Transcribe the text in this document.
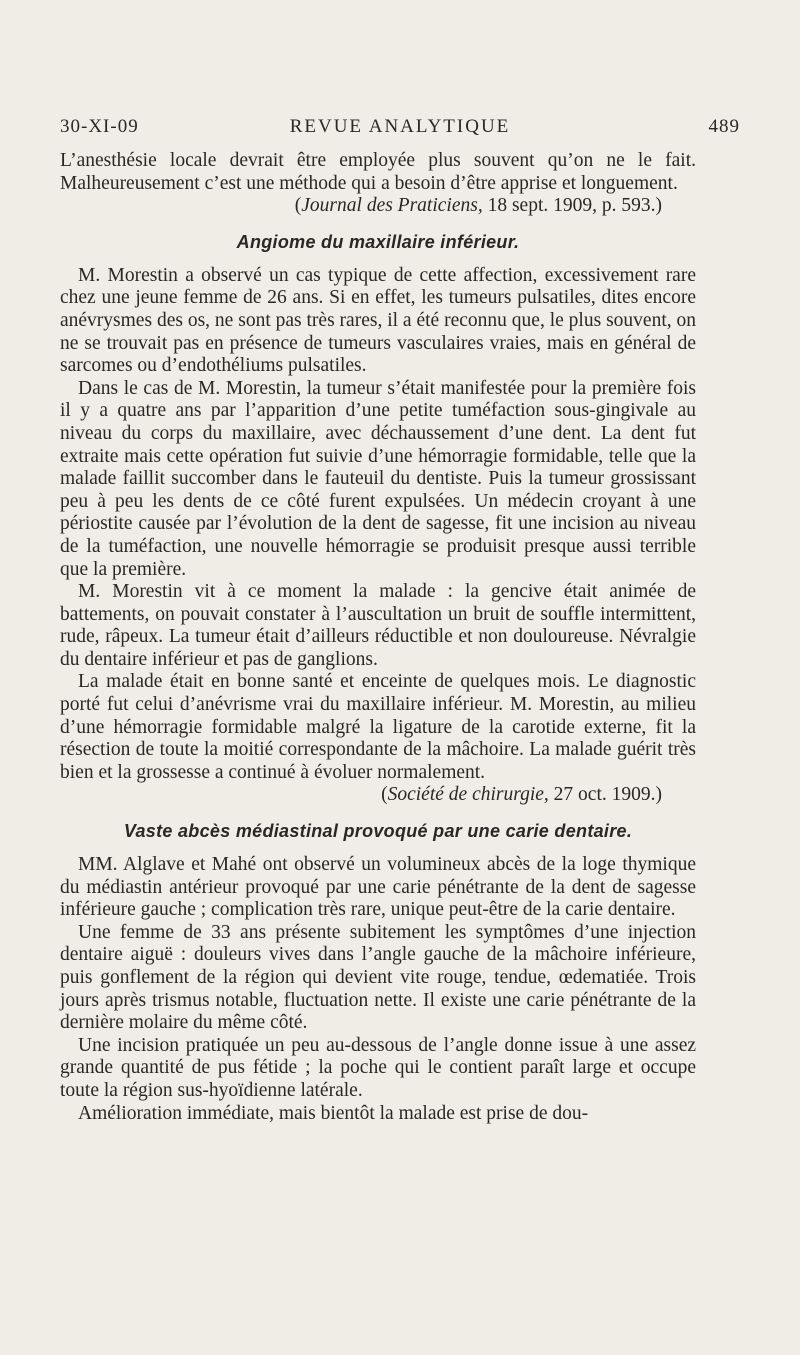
30-XI-09	REVUE ANALYTIQUE	489

L’anesthésie locale devrait être employée plus souvent qu’on ne le fait. Malheureusement c’est une méthode qui a besoin d’être apprise et longuement.

(Journal des Praticiens, 18 sept. 1909, p. 593.)

Angiome du maxillaire inférieur.

M. Morestin a observé un cas typique de cette affection, excessivement rare chez une jeune femme de 26 ans. Si en effet, les tumeurs pulsatiles, dites encore anévrysmes des os, ne sont pas très rares, il a été reconnu que, le plus souvent, on ne se trouvait pas en présence de tumeurs vasculaires vraies, mais en général de sarcomes ou d’endothéliums pulsatiles.

Dans le cas de M. Morestin, la tumeur s’était manifestée pour la première fois il y a quatre ans par l’apparition d’une petite tuméfaction sous-gingivale au niveau du corps du maxillaire, avec déchaussement d’une dent. La dent fut extraite mais cette opération fut suivie d’une hémorragie formidable, telle que la malade faillit succomber dans le fauteuil du dentiste. Puis la tumeur grossissant peu à peu les dents de ce côté furent expulsées. Un médecin croyant à une périostite causée par l’évolution de la dent de sagesse, fit une incision au niveau de la tuméfaction, une nouvelle hémorragie se produisit presque aussi terrible que la première.

M. Morestin vit à ce moment la malade : la gencive était animée de battements, on pouvait constater à l’auscultation un bruit de souffle intermittent, rude, râpeux. La tumeur était d’ailleurs réductible et non douloureuse. Névralgie du dentaire inférieur et pas de ganglions.

La malade était en bonne santé et enceinte de quelques mois. Le diagnostic porté fut celui d’anévrisme vrai du maxillaire inférieur. M. Morestin, au milieu d’une hémorragie formidable malgré la ligature de la carotide externe, fit la résection de toute la moitié correspondante de la mâchoire. La malade guérit très bien et la grossesse a continué à évoluer normalement.

(Société de chirurgie, 27 oct. 1909.)

Vaste abcès médiastinal provoqué par une carie dentaire.

MM. Alglave et Mahé ont observé un volumineux abcès de la loge thymique du médiastin antérieur provoqué par une carie pénétrante de la dent de sagesse inférieure gauche ; complication très rare, unique peut-être de la carie dentaire.

Une femme de 33 ans présente subitement les symptômes d’une injection dentaire aiguë : douleurs vives dans l’angle gauche de la mâchoire inférieure, puis gonflement de la région qui devient vite rouge, tendue, œdematiée. Trois jours après trismus notable, fluctuation nette. Il existe une carie pénétrante de la dernière molaire du même côté.

Une incision pratiquée un peu au-dessous de l’angle donne issue à une assez grande quantité de pus fétide ; la poche qui le contient paraît large et occupe toute la région sus-hyoïdienne latérale.

Amélioration immédiate, mais bientôt la malade est prise de dou-
